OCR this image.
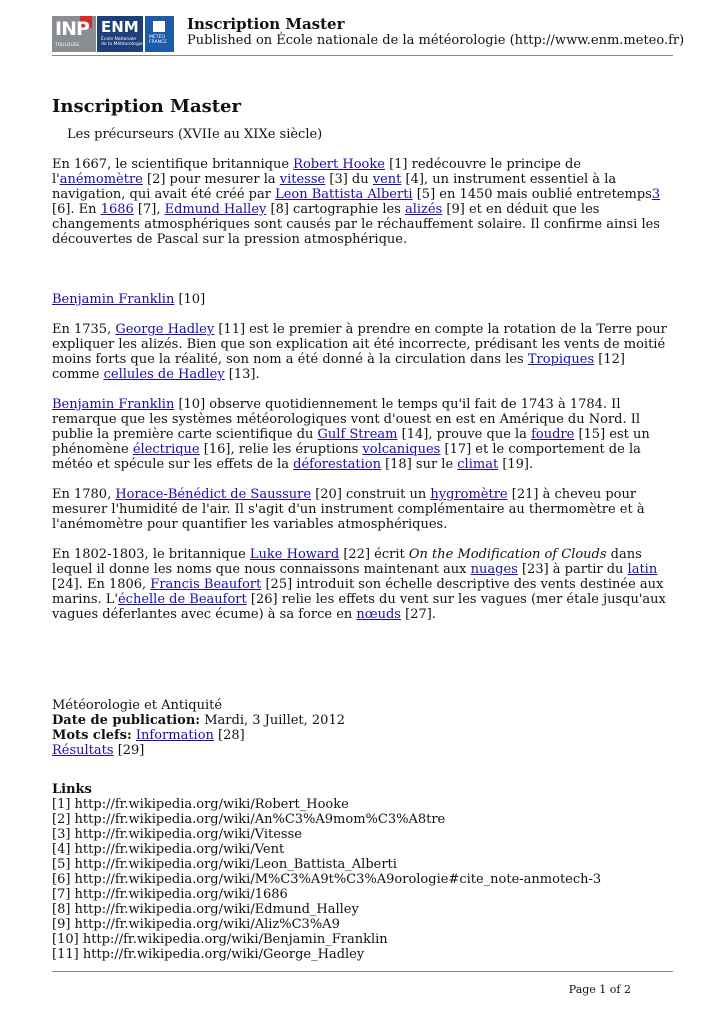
INP
TOULOUSE
ENM
École Nationale de la Météorologie
MÉTÉO FRANCE
Inscription Master
Published on École nationale de la météorologie (http://www.enm.meteo.fr)
Inscription Master

Les précurseurs (XVIIe au XIXe siècle)

En 1667, le scientifique britannique Robert Hooke [1] redécouvre le principe de l'anémomètre [2] pour mesurer la vitesse [3] du vent [4], un instrument essentiel à la navigation, qui avait été créé par Leon Battista Alberti [5] en 1450 mais oublié entretemps3 [6]. En 1686 [7], Edmund Halley [8] cartographie les alizés [9] et en déduit que les changements atmosphériques sont causés par le réchauffement solaire. Il confirme ainsi les découvertes de Pascal sur la pression atmosphérique.

Benjamin Franklin [10]

En 1735, George Hadley [11] est le premier à prendre en compte la rotation de la Terre pour expliquer les alizés. Bien que son explication ait été incorrecte, prédisant les vents de moitié moins forts que la réalité, son nom a été donné à la circulation dans les Tropiques [12] comme cellules de Hadley [13].

Benjamin Franklin [10] observe quotidiennement le temps qu'il fait de 1743 à 1784. Il remarque que les systèmes météorologiques vont d'ouest en est en Amérique du Nord. Il publie la première carte scientifique du Gulf Stream [14], prouve que la foudre [15] est un phénomène électrique [16], relie les éruptions volcaniques [17] et le comportement de la météo et spécule sur les effets de la déforestation [18] sur le climat [19].

En 1780, Horace-Bénédict de Saussure [20] construit un hygromètre [21] à cheveu pour mesurer l'humidité de l'air. Il s'agit d'un instrument complémentaire au thermomètre et à l'anémomètre pour quantifier les variables atmosphériques.

En 1802-1803, le britannique Luke Howard [22] écrit On the Modification of Clouds dans lequel il donne les noms que nous connaissons maintenant aux nuages [23] à partir du latin [24]. En 1806, Francis Beaufort [25] introduit son échelle descriptive des vents destinée aux marins. L'échelle de Beaufort [26] relie les effets du vent sur les vagues (mer étale jusqu'aux vagues déferlantes avec écume) à sa force en nœuds [27].

Météorologie et Antiquité
Date de publication: Mardi, 3 Juillet, 2012
Mots clefs: Information [28]
Résultats [29]
Links
[1] http://fr.wikipedia.org/wiki/Robert_Hooke
[2] http://fr.wikipedia.org/wiki/An%C3%A9mom%C3%A8tre
[3] http://fr.wikipedia.org/wiki/Vitesse
[4] http://fr.wikipedia.org/wiki/Vent
[5] http://fr.wikipedia.org/wiki/Leon_Battista_Alberti
[6] http://fr.wikipedia.org/wiki/M%C3%A9t%C3%A9orologie#cite_note-anmotech-3
[7] http://fr.wikipedia.org/wiki/1686
[8] http://fr.wikipedia.org/wiki/Edmund_Halley
[9] http://fr.wikipedia.org/wiki/Aliz%C3%A9
[10] http://fr.wikipedia.org/wiki/Benjamin_Franklin
[11] http://fr.wikipedia.org/wiki/George_Hadley
Page 1 of 2
